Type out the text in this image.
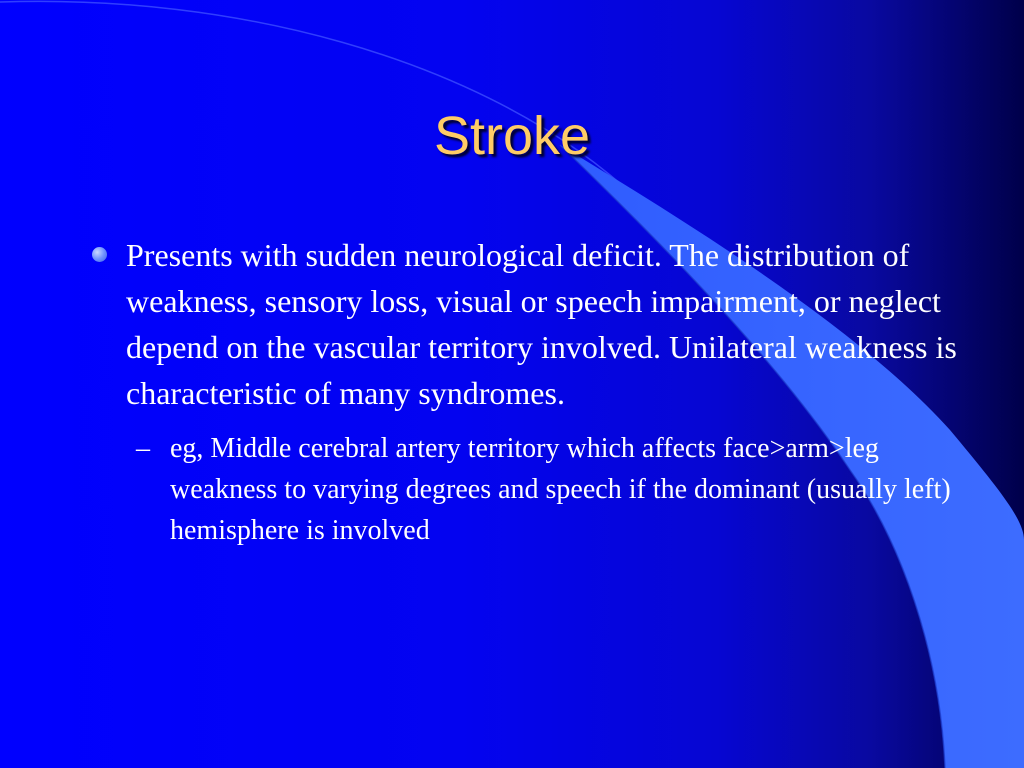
Stroke

Presents with sudden neurological deficit. The distribution of weakness, sensory loss, visual or speech impairment, or neglect depend on the vascular territory involved. Unilateral weakness is characteristic of many syndromes.

– eg, Middle cerebral artery territory which affects face>arm>leg weakness to varying degrees and speech if the dominant (usually left) hemisphere is involved
